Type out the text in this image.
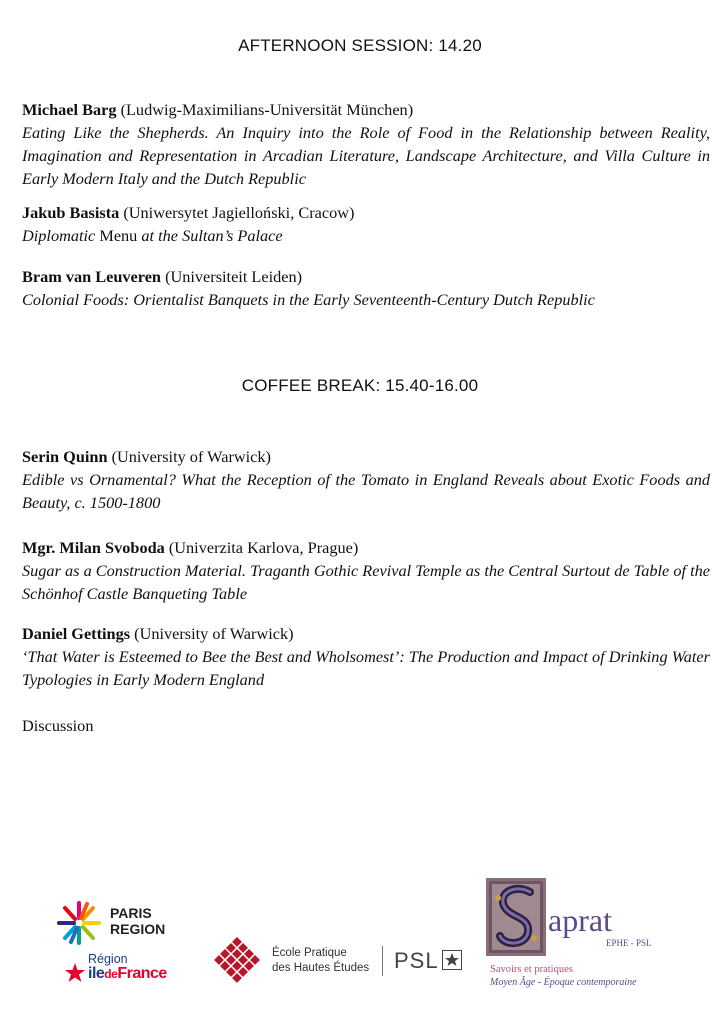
AFTERNOON SESSION: 14.20
Michael Barg (Ludwig-Maximilians-Universität München)
Eating Like the Shepherds. An Inquiry into the Role of Food in the Relationship between Reality, Imagination and Representation in Arcadian Literature, Landscape Architecture, and Villa Culture in Early Modern Italy and the Dutch Republic
Jakub Basista (Uniwersytet Jagielloński, Cracow)
Diplomatic Menu at the Sultan’s Palace
Bram van Leuveren (Universiteit Leiden)
Colonial Foods: Orientalist Banquets in the Early Seventeenth-Century Dutch Republic
COFFEE BREAK: 15.40-16.00
Serin Quinn (University of Warwick)
Edible vs Ornamental? What the Reception of the Tomato in England Reveals about Exotic Foods and Beauty, c. 1500-1800
Mgr. Milan Svoboda (Univerzita Karlova, Prague)
Sugar as a Construction Material. Traganth Gothic Revival Temple as the Central Surtout de Table of the Schönhof Castle Banqueting Table
Daniel Gettings (University of Warwick)
‘That Water is Esteemed to Bee the Best and Wholsomest’: The Production and Impact of Drinking Water Typologies in Early Modern England
Discussion
PARIS
REGION
Région
iledeFrance
École Pratique
des Hautes Études PSL
aprat
EPHE - PSL
Savoirs et pratiques
Moyen Âge - Époque contemporaine
